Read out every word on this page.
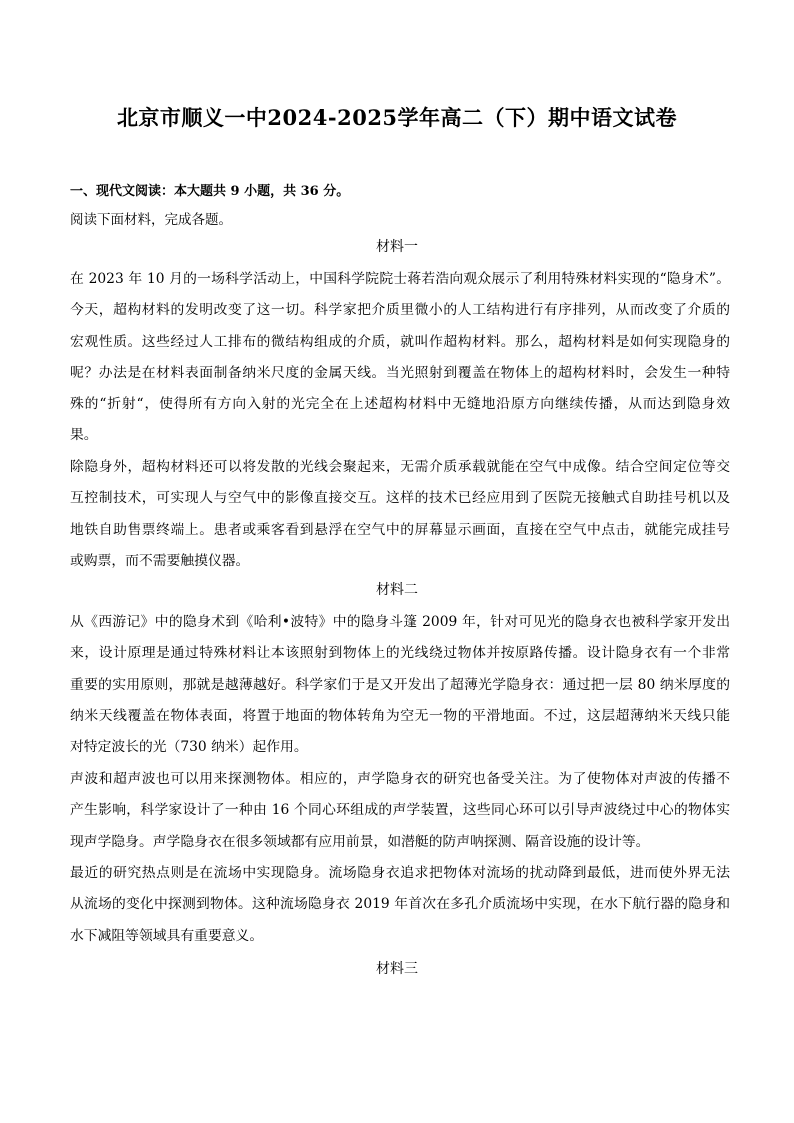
北京市顺义一中2024-2025学年高二（下）期中语文试卷
一、现代文阅读：本大题共 9 小题，共 36 分。
阅读下面材料，完成各题。
材料一
在 2023 年 10 月的一场科学活动上，中国科学院院士蒋若浩向观众展示了利用特殊材料实现的“隐身术”。
今天，超构材料的发明改变了这一切。科学家把介质里微小的人工结构进行有序排列，从而改变了介质的
宏观性质。这些经过人工排布的微结构组成的介质，就叫作超构材料。那么，超构材料是如何实现隐身的
呢？办法是在材料表面制备纳米尺度的金属天线。当光照射到覆盖在物体上的超构材料时，会发生一种特
殊的“折射“，使得所有方向入射的光完全在上述超构材料中无缝地沿原方向继续传播，从而达到隐身效
果。
除隐身外，超构材料还可以将发散的光线会聚起来，无需介质承载就能在空气中成像。结合空间定位等交
互控制技术，可实现人与空气中的影像直接交互。这样的技术已经应用到了医院无接触式自助挂号机以及
地铁自助售票终端上。患者或乘客看到悬浮在空气中的屏幕显示画面，直接在空气中点击，就能完成挂号
或购票，而不需要触摸仪器。
材料二
从《西游记》中的隐身术到《哈利•波特》中的隐身斗篷 2009 年，针对可见光的隐身衣也被科学家开发出
来，设计原理是通过特殊材料让本该照射到物体上的光线绕过物体并按原路传播。设计隐身衣有一个非常
重要的实用原则，那就是越薄越好。科学家们于是又开发出了超薄光学隐身衣：通过把一层 80 纳米厚度的
纳米天线覆盖在物体表面，将置于地面的物体转角为空无一物的平滑地面。不过，这层超薄纳米天线只能
对特定波长的光（730 纳米）起作用。
声波和超声波也可以用来探测物体。相应的，声学隐身衣的研究也备受关注。为了使物体对声波的传播不
产生影响，科学家设计了一种由 16 个同心环组成的声学装置，这些同心环可以引导声波绕过中心的物体实
现声学隐身。声学隐身衣在很多领域都有应用前景，如潜艇的防声呐探测、隔音设施的设计等。
最近的研究热点则是在流场中实现隐身。流场隐身衣追求把物体对流场的扰动降到最低，进而使外界无法
从流场的变化中探测到物体。这种流场隐身衣 2019 年首次在多孔介质流场中实现，在水下航行器的隐身和
水下减阻等领域具有重要意义。
材料三
